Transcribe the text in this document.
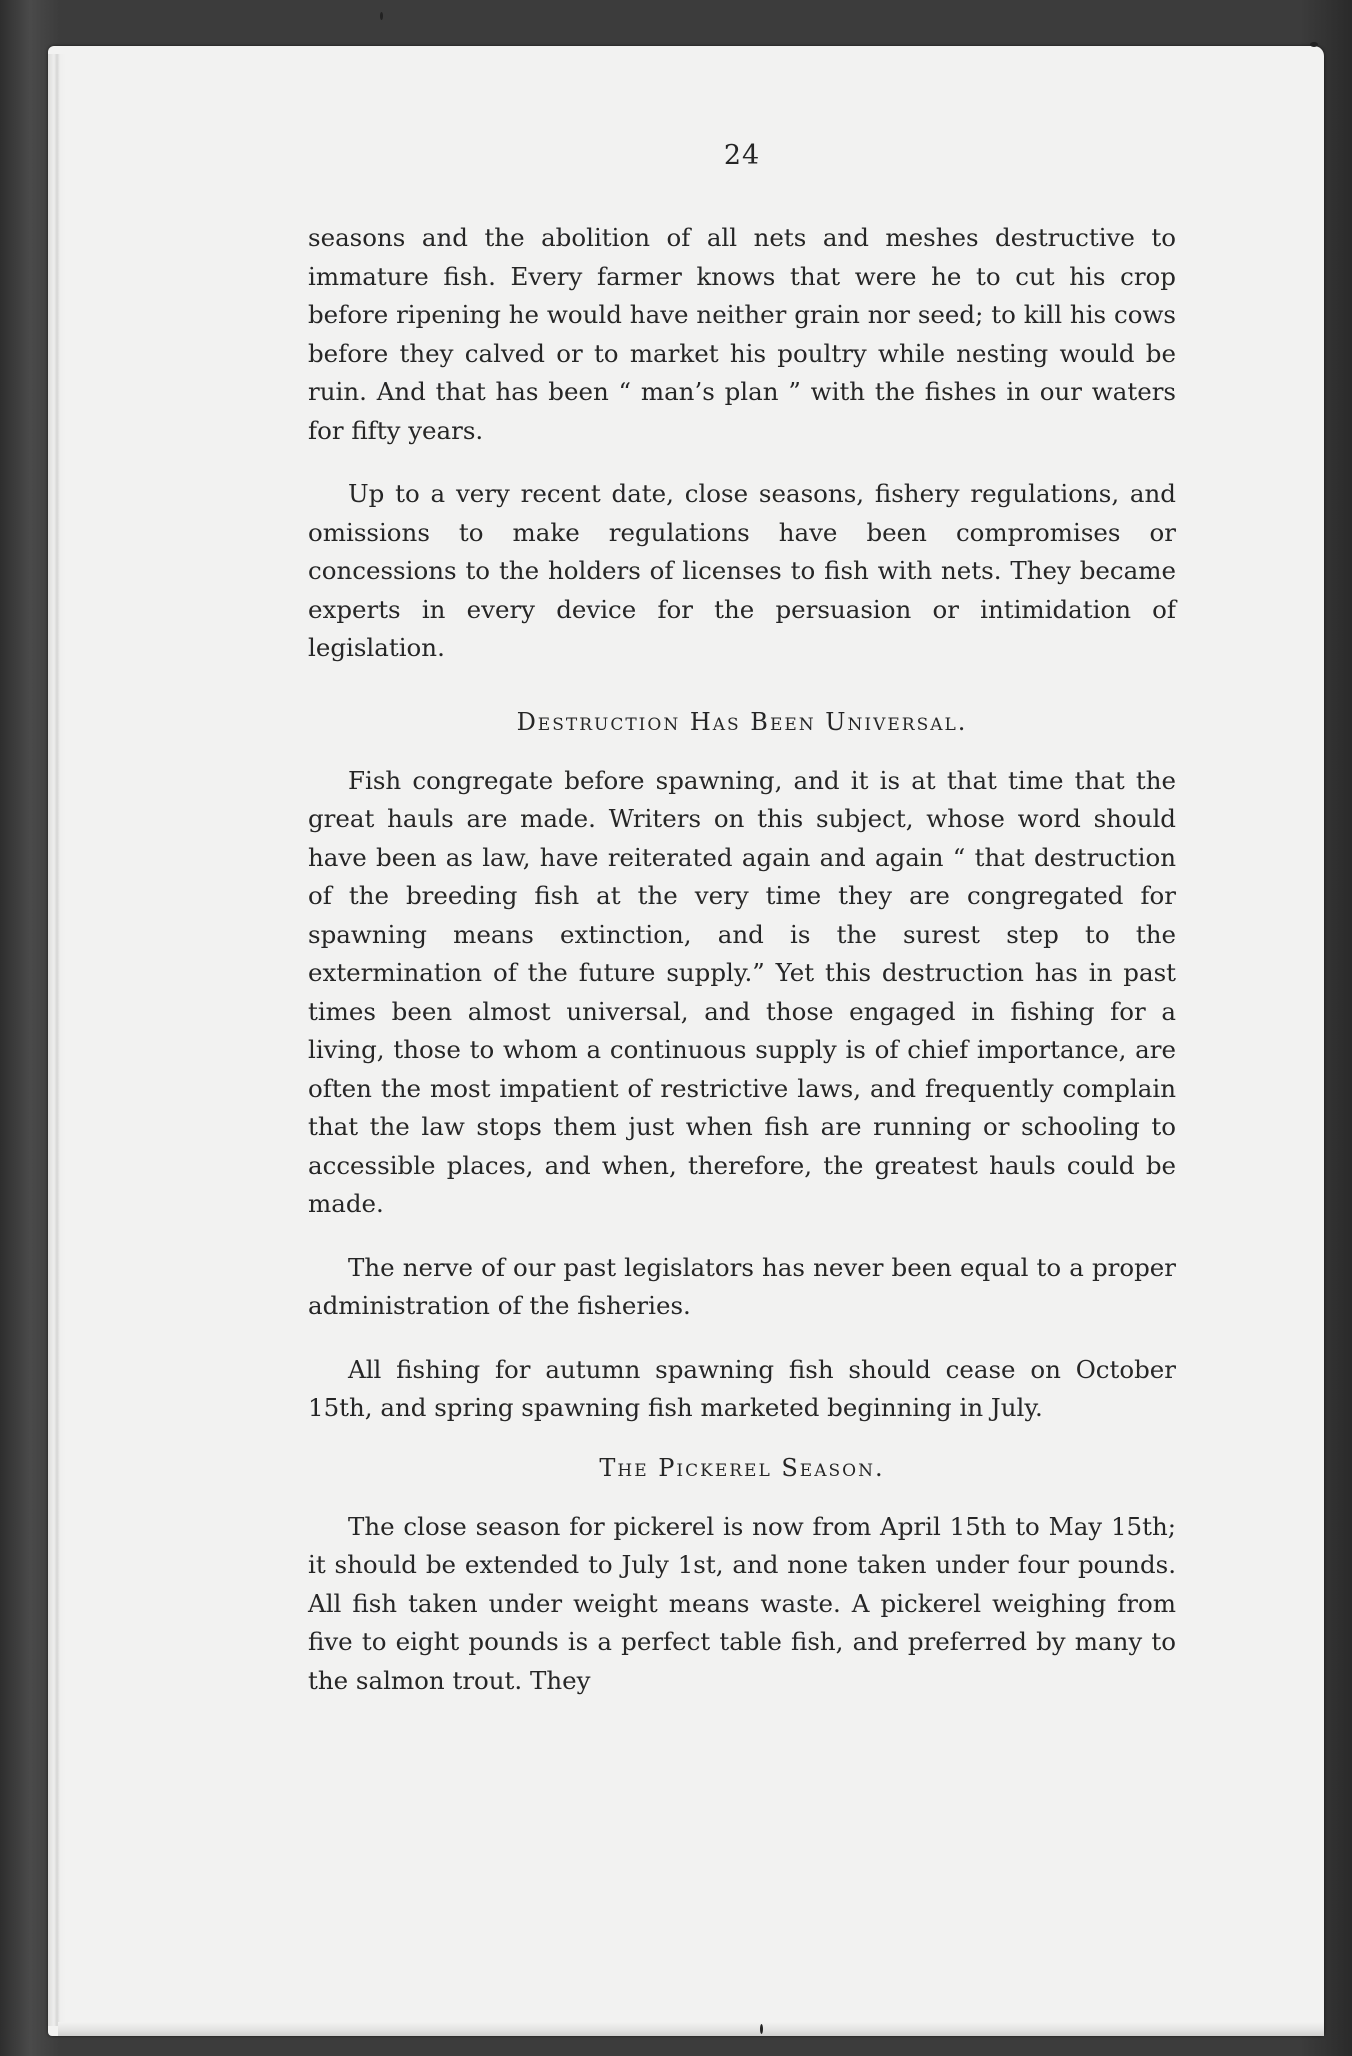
24

seasons and the abolition of all nets and meshes destructive to immature fish. Every farmer knows that were he to cut his crop before ripening he would have neither grain nor seed; to kill his cows before they calved or to market his poultry while nesting would be ruin. And that has been “ man’s plan ” with the fishes in our waters for fifty years.

Up to a very recent date, close seasons, fishery regulations, and omissions to make regulations have been compromises or concessions to the holders of licenses to fish with nets. They became experts in every device for the persuasion or intimidation of legislation.

Destruction Has Been Universal.

Fish congregate before spawning, and it is at that time that the great hauls are made. Writers on this subject, whose word should have been as law, have reiterated again and again “ that destruction of the breeding fish at the very time they are congregated for spawning means extinction, and is the surest step to the extermination of the future supply.” Yet this destruction has in past times been almost universal, and those engaged in fishing for a living, those to whom a continuous supply is of chief importance, are often the most impatient of restrictive laws, and frequently complain that the law stops them just when fish are running or schooling to accessible places, and when, therefore, the greatest hauls could be made.

The nerve of our past legislators has never been equal to a proper administration of the fisheries.

All fishing for autumn spawning fish should cease on October 15th, and spring spawning fish marketed beginning in July.

The Pickerel Season.

The close season for pickerel is now from April 15th to May 15th; it should be extended to July 1st, and none taken under four pounds. All fish taken under weight means waste. A pickerel weighing from five to eight pounds is a perfect table fish, and preferred by many to the salmon trout. They
